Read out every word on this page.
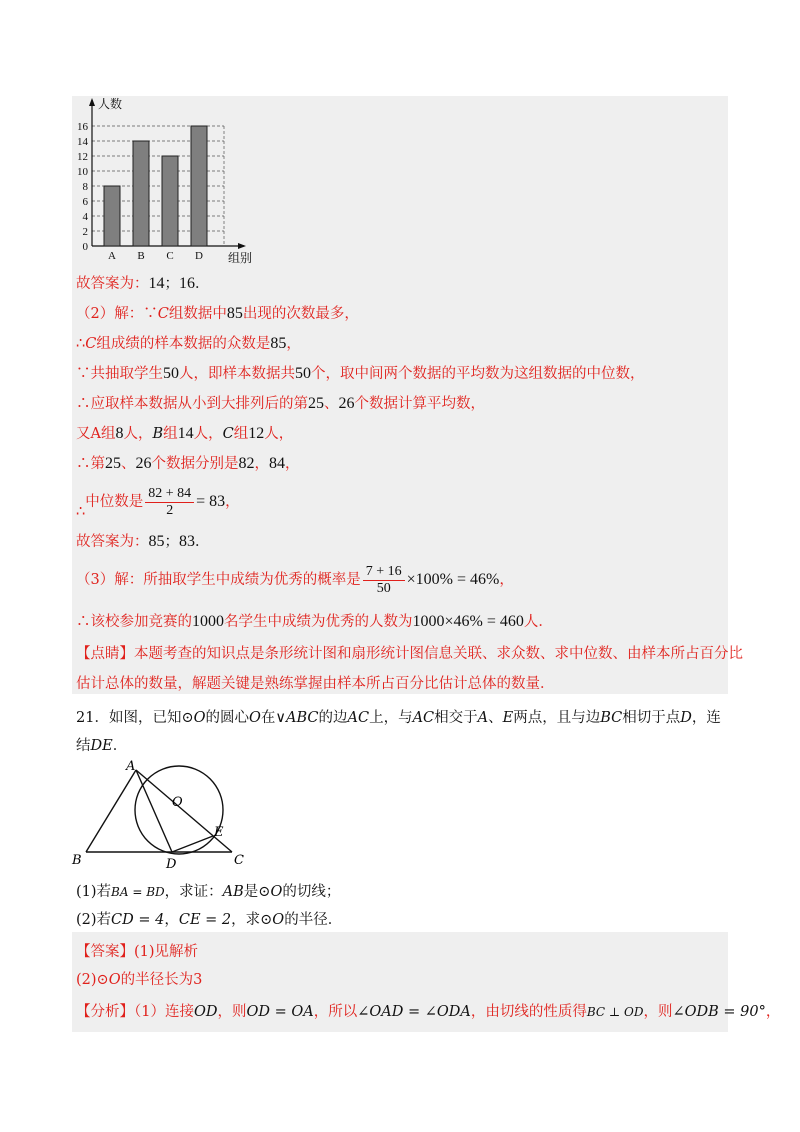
0
2
4
6
8
10
12
14
16
人数
组别
A B C D
故答案为：14；16．
（2）解：∵C组数据中85出现的次数最多，
∴C组成绩的样本数据的众数是85，
∵共抽取学生50人，即样本数据共50个，取中间两个数据的平均数为这组数据的中位数，
∴应取样本数据从小到大排列后的第25、26个数据计算平均数，
又A组8人，B组14人，C组12人，
∴第25、26个数据分别是82，84，
∴中位数是 $\frac{82 + 84}{2} = 83$，
故答案为：85；83．
（3）解：所抽取学生中成绩为优秀的概率是 $\frac{7 + 16}{50} \times 100\% = 46\%$，
∴该校参加竞赛的1000名学生中成绩为优秀的人数为1000×46% = 460人．
【点睛】本题考查的知识点是条形统计图和扇形统计图信息关联、求众数、求中位数、由样本所占百分比
估计总体的数量，解题关键是熟练掌握由样本所占百分比估计总体的数量．
21．如图，已知⊙O的圆心O在∨ABC的边AC上，与AC相交于A、E两点，且与边BC相切于点D，连
结DE．
A
B	C
D
E
O
(1)若BA = BD，求证：AB是⊙O的切线；
(2)若CD = 4，CE = 2，求⊙O的半径．
【答案】(1)见解析
(2)⊙O的半径长为3
【分析】（1）连接OD，则OD = OA，所以∠OAD = ∠ODA，由切线的性质得BC ⊥ OD，则∠ODB = 90°，
